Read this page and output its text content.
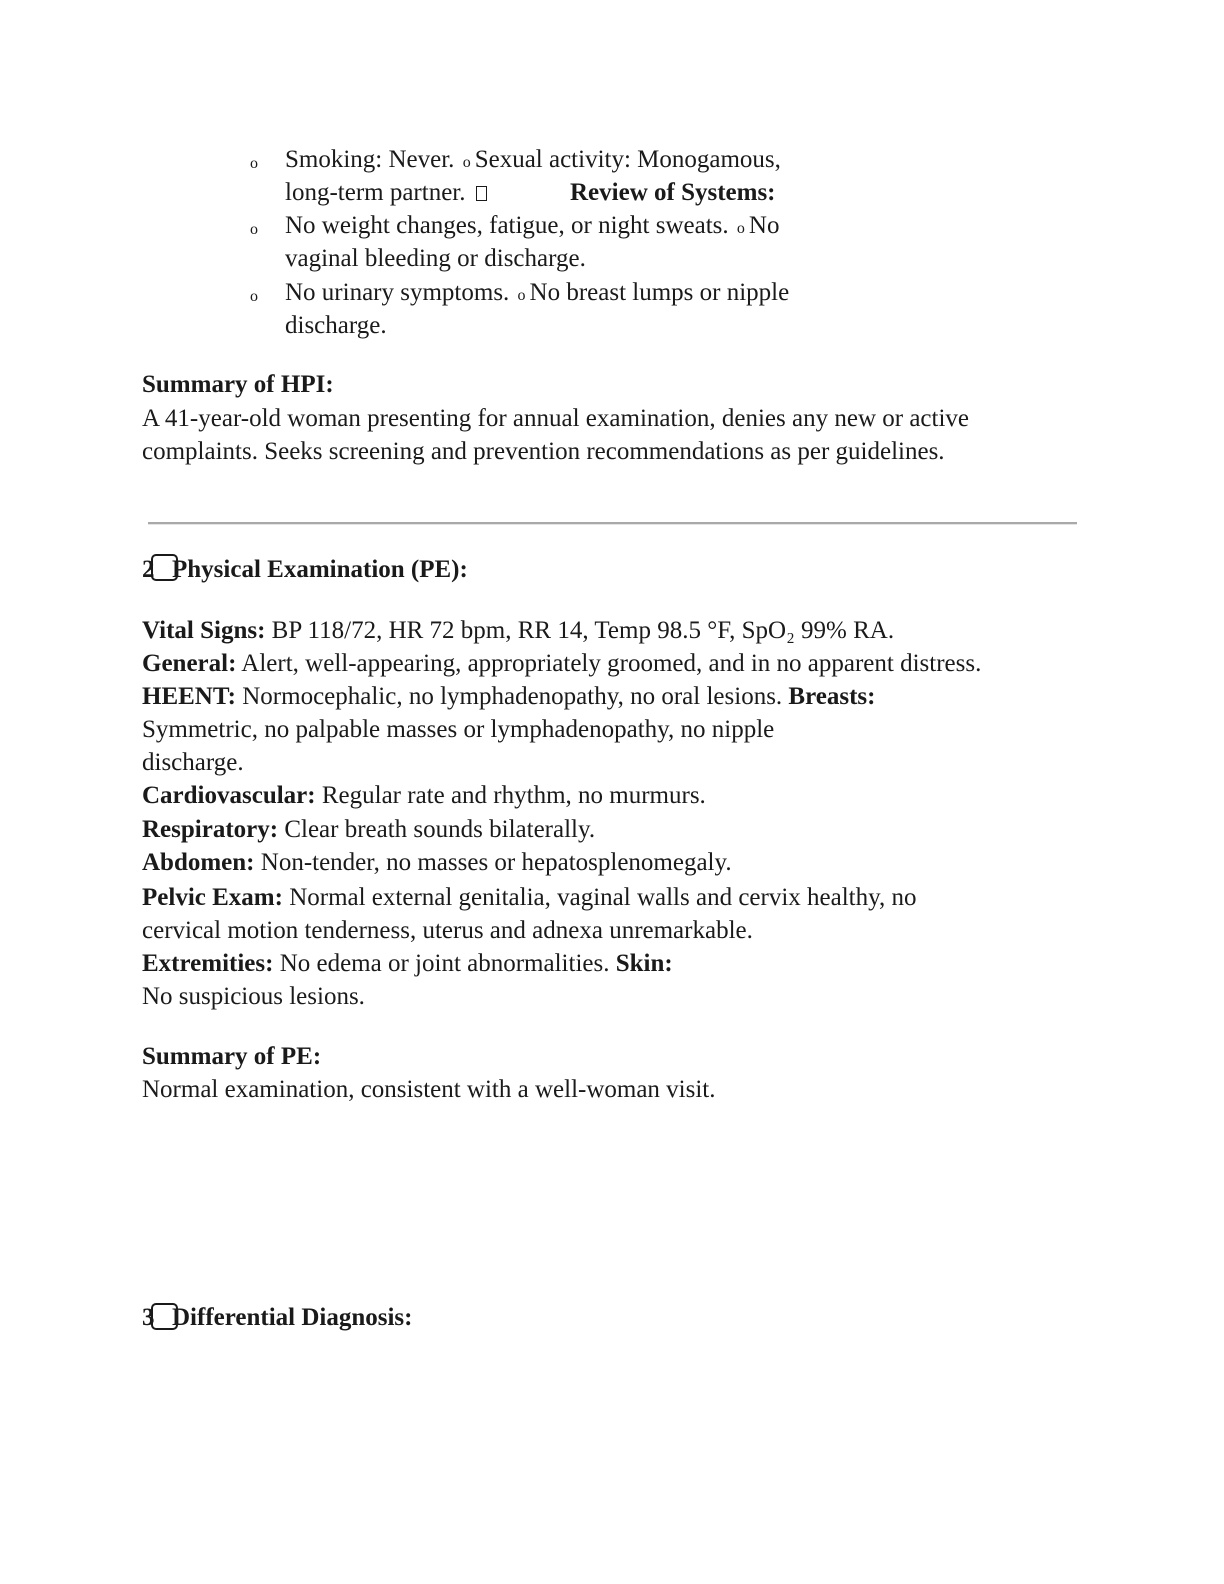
o Smoking: Never. o Sexual activity: Monogamous,
long-term partner.	Review of Systems:
o No weight changes, fatigue, or night sweats. o No
vaginal bleeding or discharge.
o No urinary symptoms. o No breast lumps or nipple
discharge.
Summary of HPI:
A 41-year-old woman presenting for annual examination, denies any new or active
complaints. Seeks screening and prevention recommendations as per guidelines.
2 Physical Examination (PE):
Vital Signs: BP 118/72, HR 72 bpm, RR 14, Temp 98.5 °F, SpO₂ 99% RA.
General: Alert, well-appearing, appropriately groomed, and in no apparent distress.
HEENT: Normocephalic, no lymphadenopathy, no oral lesions. Breasts:
Symmetric, no palpable masses or lymphadenopathy, no nipple
discharge.
Cardiovascular: Regular rate and rhythm, no murmurs.
Respiratory: Clear breath sounds bilaterally.
Abdomen: Non-tender, no masses or hepatosplenomegaly.
Pelvic Exam: Normal external genitalia, vaginal walls and cervix healthy, no
cervical motion tenderness, uterus and adnexa unremarkable.
Extremities: No edema or joint abnormalities. Skin:
No suspicious lesions.
Summary of PE:
Normal examination, consistent with a well-woman visit.
3 Differential Diagnosis:
